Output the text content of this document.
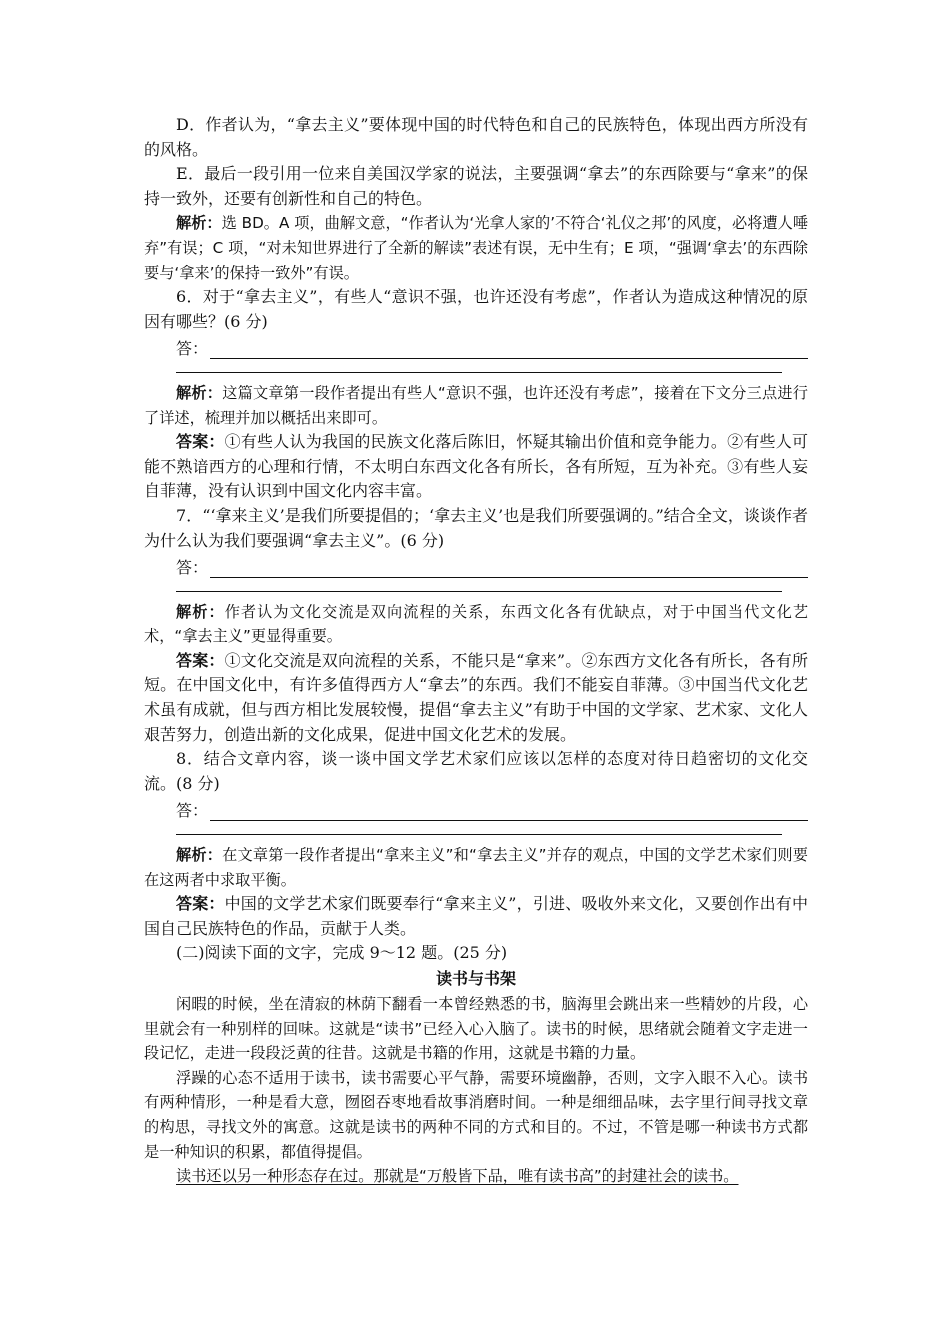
D．作者认为，“拿去主义”要体现中国的时代特色和自己的民族特色，体现出西方所没有的风格。

E．最后一段引用一位来自美国汉学家的说法，主要强调“拿去”的东西除要与“拿来”的保持一致外，还要有创新性和自己的特色。

解析：选 BD。A 项，曲解文意，“作者认为‘光拿人家的’不符合‘礼仪之邦’的风度，必将遭人唾弃”有误；C 项，“对未知世界进行了全新的解读”表述有误，无中生有；E 项，“强调‘拿去’的东西除要与‘拿来’的保持一致外”有误。

6．对于“拿去主义”，有些人“意识不强，也许还没有考虑”，作者认为造成这种情况的原因有哪些？(6 分)

答：

解析：这篇文章第一段作者提出有些人“意识不强，也许还没有考虑”，接着在下文分三点进行了详述，梳理并加以概括出来即可。

答案：①有些人认为我国的民族文化落后陈旧，怀疑其输出价值和竞争能力。②有些人可能不熟谙西方的心理和行情，不太明白东西文化各有所长，各有所短，互为补充。③有些人妄自菲薄，没有认识到中国文化内容丰富。

7．“‘拿来主义’是我们所要提倡的；‘拿去主义’也是我们所要强调的。”结合全文，谈谈作者为什么认为我们要强调“拿去主义”。(6 分)

答：

解析：作者认为文化交流是双向流程的关系，东西文化各有优缺点，对于中国当代文化艺术，“拿去主义”更显得重要。

答案：①文化交流是双向流程的关系，不能只是“拿来”。②东西方文化各有所长，各有所短。在中国文化中，有许多值得西方人“拿去”的东西。我们不能妄自菲薄。③中国当代文化艺术虽有成就，但与西方相比发展较慢，提倡“拿去主义”有助于中国的文学家、艺术家、文化人艰苦努力，创造出新的文化成果，促进中国文化艺术的发展。

8．结合文章内容，谈一谈中国文学艺术家们应该以怎样的态度对待日趋密切的文化交流。(8 分)

答：

解析：在文章第一段作者提出“拿来主义”和“拿去主义”并存的观点，中国的文学艺术家们则要在这两者中求取平衡。

答案：中国的文学艺术家们既要奉行“拿来主义”，引进、吸收外来文化，又要创作出有中国自己民族特色的作品，贡献于人类。

(二)阅读下面的文字，完成 9～12 题。(25 分)

读书与书架

闲暇的时候，坐在清寂的林荫下翻看一本曾经熟悉的书，脑海里会跳出来一些精妙的片段，心里就会有一种别样的回味。这就是“读书”已经入心入脑了。读书的时候，思绪就会随着文字走进一段记忆，走进一段段泛黄的往昔。这就是书籍的作用，这就是书籍的力量。

浮躁的心态不适用于读书，读书需要心平气静，需要环境幽静，否则，文字入眼不入心。读书有两种情形，一种是看大意，囫囵吞枣地看故事消磨时间。一种是细细品味，去字里行间寻找文章的构思，寻找文外的寓意。这就是读书的两种不同的方式和目的。不过，不管是哪一种读书方式都是一种知识的积累，都值得提倡。

读书还以另一种形态存在过。那就是“万般皆下品，唯有读书高”的封建社会的读书。
